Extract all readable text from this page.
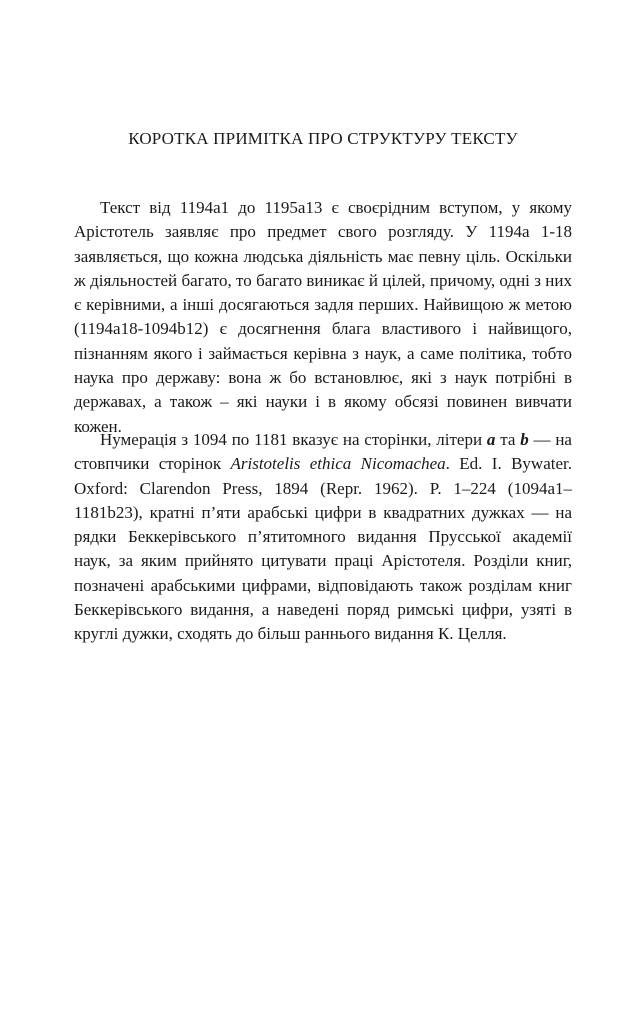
КОРОТКА ПРИМІТКА ПРО СТРУКТУРУ ТЕКСТУ

Текст від 1194а1 до 1195а13 є своєрідним вступом, у якому Арістотель заявляє про предмет свого розгляду. У 1194а 1-18 заявляється, що кожна людська діяльність має певну ціль. Оскільки ж діяльностей багато, то багато виникає й цілей, причому, одні з них є керівними, а інші досягаються задля перших. Найвищою ж метою (1194а18-1094b12) є досягнення блага властивого і найвищого, пізнанням якого і займається керівна з наук, а саме політика, тобто наука про державу: вона ж бо встановлює, які з наук потрібні в державах, а також – які науки і в якому обсязі повинен вивчати кожен.

Нумерація з 1094 по 1181 вказує на сторінки, літери a та b — на стовпчики сторінок Aristotelis ethica Nicomachea. Ed. I. Bywater. Oxford: Clarendon Press, 1894 (Repr. 1962). P. 1–224 (1094a1–1181b23), кратні п’яти арабські цифри в квадратних дужках — на рядки Беккерівського п’ятитомного видання Прусської академії наук, за яким прийнято цитувати праці Арістотеля. Розділи книг, позначені арабськими цифрами, відповідають також розділам книг Беккерівського видання, а наведені поряд римські цифри, узяті в круглі дужки, сходять до більш раннього видання К. Целля.
